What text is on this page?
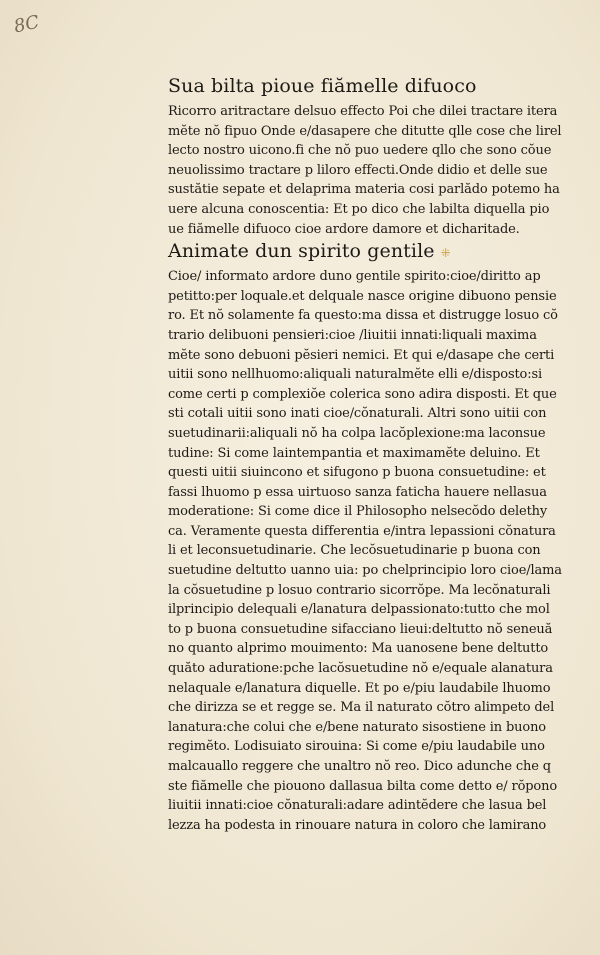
8C
Sua bilta pioue fiămelle difuoco
Ricorro aritractare delsuo effecto Poi che dilei tractare itera
mĕte nŏ fipuo Onde e/dasapere che ditutte qlle cose che lirel
lecto nostro uicono.fi che nŏ puo uedere qllo che sono cŏue
neuolissimo tractare p liloro effecti.Onde didio et delle sue
sustătie sepate et delaprima materia cosi parlădo potemo ha
uere alcuna conoscentia: Et po dico che labilta diquella pio
ue fiămelle difuoco cioe ardore damore et dicharitade.
Animate dun spirito gentile ⁜
Cioe/ informato ardore duno gentile spirito:cioe/diritto ap
petitto:per loquale.et delquale nasce origine dibuono pensie
ro. Et nŏ solamente fa questo:ma dissa et distrugge losuo cŏ
trario delibuoni pensieri:cioe /liuitii innati:liquali maxima
mĕte sono debuoni pĕsieri nemici. Et qui e/dasape che certi
uitii sono nellhuomo:aliquali naturalmĕte elli e/disposto:si
come certi p complexiŏe colerica sono adira disposti. Et que
sti cotali uitii sono inati cioe/cŏnaturali. Altri sono uitii con
suetudinarii:aliquali nŏ ha colpa lacŏplexione:ma laconsue
tudine: Si come laintempantia et maximamĕte deluino. Et
questi uitii siuincono et sifugono p buona consuetudine: et
fassi lhuomo p essa uirtuoso sanza faticha hauere nellasua
moderatione: Si come dice il Philosopho nelsecŏdo delethy
ca. Veramente questa differentia e/intra lepassioni cŏnatura
li et leconsuetudinarie. Che lecŏsuetudinarie p buona con
suetudine deltutto uanno uia: po chelprincipio loro cioe/lama
la cŏsuetudine p losuo contrario sicorrŏpe. Ma lecŏnaturali
ilprincipio delequali e/lanatura delpassionato:tutto che mol
to p buona consuetudine sifacciano lieui:deltutto nŏ seneuă
no quanto alprimo mouimento: Ma uanosene bene deltutto
quăto aduratione:pche lacŏsuetudine nŏ e/equale alanatura
nelaquale e/lanatura diquelle. Et po e/piu laudabile lhuomo
che dirizza se et regge se. Ma il naturato cŏtro alimpeto del
lanatura:che colui che e/bene naturato sisostiene in buono
regimĕto. Lodisuiato sirouina: Si come e/piu laudabile uno
malcauallo reggere che unaltro nŏ reo. Dico adunche che q
ste fiămelle che piouono dallasua bilta come detto e/ rŏpono
liuitii innati:cioe cŏnaturali:adare adintĕdere che lasua bel
lezza ha podesta in rinouare natura in coloro che lamirano
